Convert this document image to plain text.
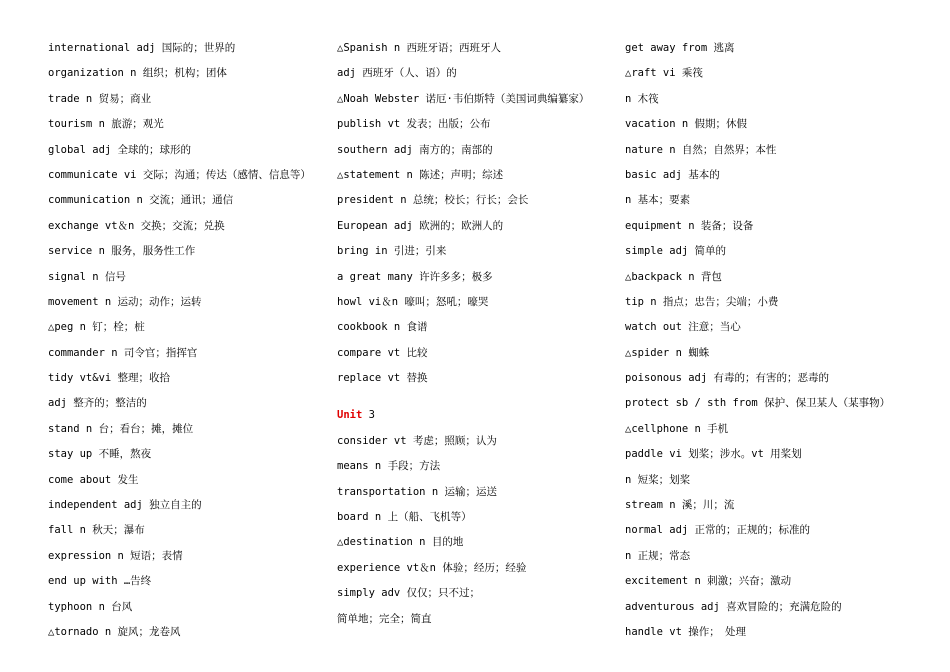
international adj 国际的；世界的
organization n 组织；机构；团体
trade n 贸易；商业
tourism n 旅游；观光
global adj 全球的；球形的
communicate vi 交际；沟通；传达（感情、信息等）
communication n 交流；通讯；通信
exchange vt＆n 交换；交流；兑换
service n 服务，服务性工作
signal n 信号
movement n 运动；动作；运转
△peg n 钉；栓；桩
commander n 司令官；指挥官
tidy vt&vi 整理；收拾
adj 整齐的；整洁的
stand n 台；看台；摊，摊位
stay up 不睡，熬夜
come about 发生
independent adj 独立自主的
fall n 秋天；瀑布
expression n 短语；表情
end up with …告终
typhoon n 台风
△tornado n 旋风；龙卷风
△Spanish n 西班牙语；西班牙人
adj 西班牙（人、语）的
△Noah Webster 诺厄·韦伯斯特（美国词典编纂家）
publish vt 发表；出版；公布
southern adj 南方的；南部的
△statement n 陈述；声明；综述
president n 总统；校长；行长；会长
European adj 欧洲的；欧洲人的
bring in 引进；引来
a great many 许许多多；极多
howl vi＆n 嚎叫；怒吼；嚎哭
cookbook n 食谱
compare vt 比较
replace vt 替换
Unit 3
consider vt 考虑；照顾；认为
means n 手段；方法
transportation n 运输；运送
board n 上（船、飞机等）
△destination n 目的地
experience vt＆n 体验；经历；经验
simply adv 仅仅；只不过；
简单地；完全；简直
get away from 逃离
△raft vi 乘筏
n 木筏
vacation n 假期；休假
nature n 自然；自然界；本性
basic adj 基本的
n 基本；要素
equipment n 装备；设备
simple adj 简单的
△backpack n 背包
tip n 指点；忠告；尖端；小费
watch out 注意；当心
△spider n 蜘蛛
poisonous adj 有毒的；有害的；恶毒的
protect sb / sth from 保护、保卫某人（某事物）
△cellphone n 手机
paddle vi 划桨；涉水。vt 用桨划
n 短桨；划桨
stream n 溪；川；流
normal adj 正常的；正规的；标准的
n 正规；常态
excitement n 刺激；兴奋；激动
adventurous adj 喜欢冒险的；充满危险的
handle vt 操作；　处理
